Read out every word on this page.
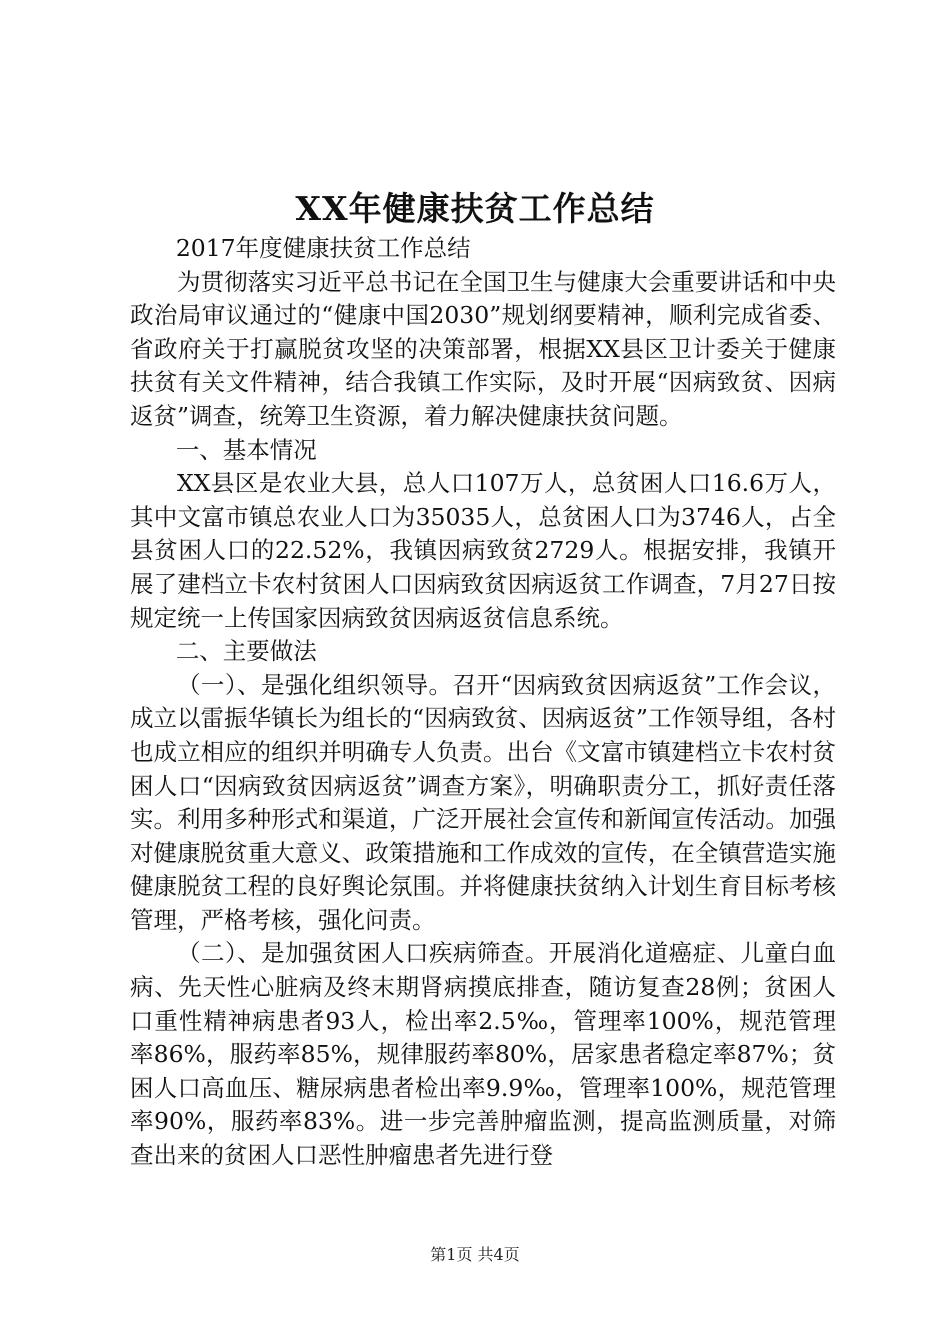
XX年健康扶贫工作总结

2017年度健康扶贫工作总结

为贯彻落实习近平总书记在全国卫生与健康大会重要讲话和中央政治局审议通过的“健康中国2030”规划纲要精神，顺利完成省委、省政府关于打赢脱贫攻坚的决策部署，根据XX县区卫计委关于健康扶贫有关文件精神，结合我镇工作实际，及时开展“因病致贫、因病返贫”调查，统筹卫生资源，着力解决健康扶贫问题。

一、基本情况

XX县区是农业大县，总人口107万人，总贫困人口16.6万人，其中文富市镇总农业人口为35035人，总贫困人口为3746人，占全县贫困人口的22.52%，我镇因病致贫2729人。根据安排，我镇开展了建档立卡农村贫困人口因病致贫因病返贫工作调查，7月27日按规定统一上传国家因病致贫因病返贫信息系统。

二、主要做法

（一）、是强化组织领导。召开“因病致贫因病返贫”工作会议，成立以雷振华镇长为组长的“因病致贫、因病返贫”工作领导组，各村也成立相应的组织并明确专人负责。出台《文富市镇建档立卡农村贫困人口“因病致贫因病返贫”调查方案》，明确职责分工，抓好责任落实。利用多种形式和渠道，广泛开展社会宣传和新闻宣传活动。加强对健康脱贫重大意义、政策措施和工作成效的宣传，在全镇营造实施健康脱贫工程的良好舆论氛围。并将健康扶贫纳入计划生育目标考核管理，严格考核，强化问责。

（二）、是加强贫困人口疾病筛查。开展消化道癌症、儿童白血病、先天性心脏病及终末期肾病摸底排查，随访复查28例；贫困人口重性精神病患者93人，检出率2.5‰，管理率100%，规范管理率86%，服药率85%，规律服药率80%，居家患者稳定率87%；贫困人口高血压、糖尿病患者检出率9.9‰，管理率100%，规范管理率90%，服药率83%。进一步完善肿瘤监测，提高监测质量，对筛查出来的贫困人口恶性肿瘤患者先进行登

第1页 共4页
